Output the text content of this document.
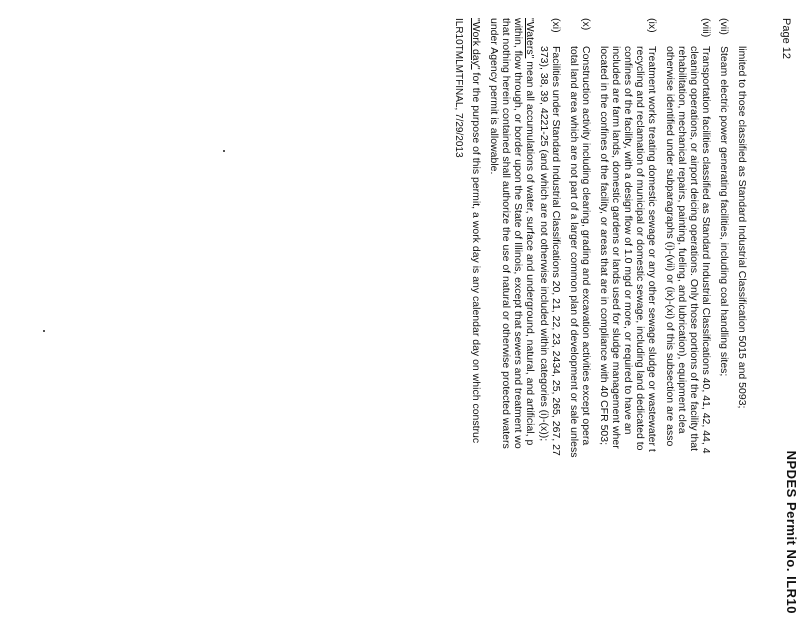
Page 12
NPDES Permit No. ILR10
limited to those classified as Standard Industrial Classification 5015 and 5093;
(vii)
Steam electric power generating facilities, including coal handling sites;
(viii)
Transportation facilities classified as Standard Industrial Classifications 40, 41, 42, 44, 4
cleaning operations, or airport deicing operations. Only those portions of the facility that
rehabilitation, mechanical repairs, painting, fueling, and lubrication), equipment clea
otherwise identified under subparagraphs (i)-(vii) or (ix)-(xi) of this subsection are asso
(ix)
Treatment works treating domestic sewage or any other sewage sludge or wastewater t
recycling and reclamation of municipal or domestic sewage, including land dedicated to
confines of the facility, with a design flow of 1.0 mgd or more, or required to have an
included are farm lands, domestic gardens or lands used for sludge management wher
located in the confines of the facility, or areas that are in compliance with 40 CFR 503;
(x)
Construction activity including clearing, grading and excavation activities except opera
total land area which are not part of a larger common plan of development or sale unless
(xi)
Facilities under Standard Industrial Classifications 20, 21, 22, 23, 2434, 25, 265, 267, 27
373), 38, 39, 4221-25 (and which are not otherwise included within categories (i)-(x));
"Waters" mean all accumulations of water, surface and underground, natural, and artificial, p
within, flow through, or border upon the State of Illinois, except that sewers and treatment wo
that nothing herein contained shall authorize the use of natural or otherwise protected waters
under Agency permit is allowable.
"Work day" for the purpose of this permit, a work day is any calendar day on which construc
ILR10TMLMTFINAL, 7/29/2013
